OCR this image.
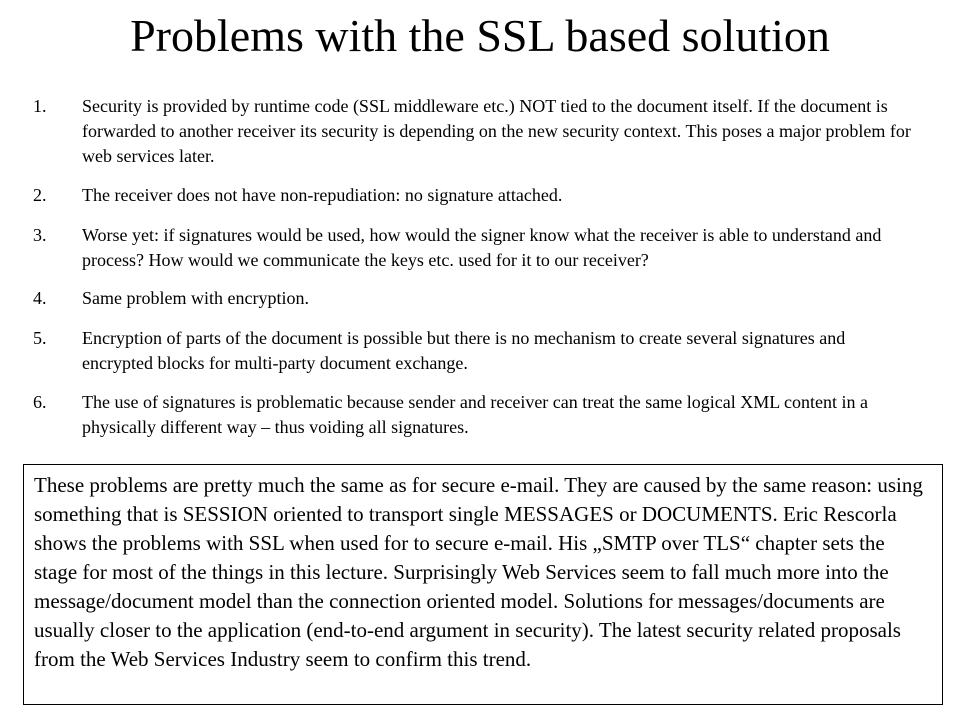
Problems with the SSL based solution
1. Security is provided by runtime code (SSL middleware etc.) NOT tied to the document itself. If the document is forwarded to another receiver its security is depending on the new security context. This poses a major problem for web services later.
2. The receiver does not have non-repudiation: no signature attached.
3. Worse yet: if signatures would be used, how would the signer know what the receiver is able to understand and process? How would we communicate the keys etc. used for it to our receiver?
4. Same problem with encryption.
5. Encryption of parts of the document is possible but there is no mechanism to create several signatures and encrypted blocks for multi-party document exchange.
6. The use of signatures is problematic because sender and receiver can treat the same logical XML content in a physically different way – thus voiding all signatures.

These problems are pretty much the same as for secure e-mail. They are caused by the same reason: using something that is SESSION oriented to transport single MESSAGES or DOCUMENTS. Eric Rescorla shows the problems with SSL when used for to secure e-mail. His „SMTP over TLS“ chapter sets the stage for most of the things in this lecture. Surprisingly Web Services seem to fall much more into the message/document model than the connection oriented model. Solutions for messages/documents are usually closer to the application (end-to-end argument in security). The latest security related proposals from the Web Services Industry seem to confirm this trend.
